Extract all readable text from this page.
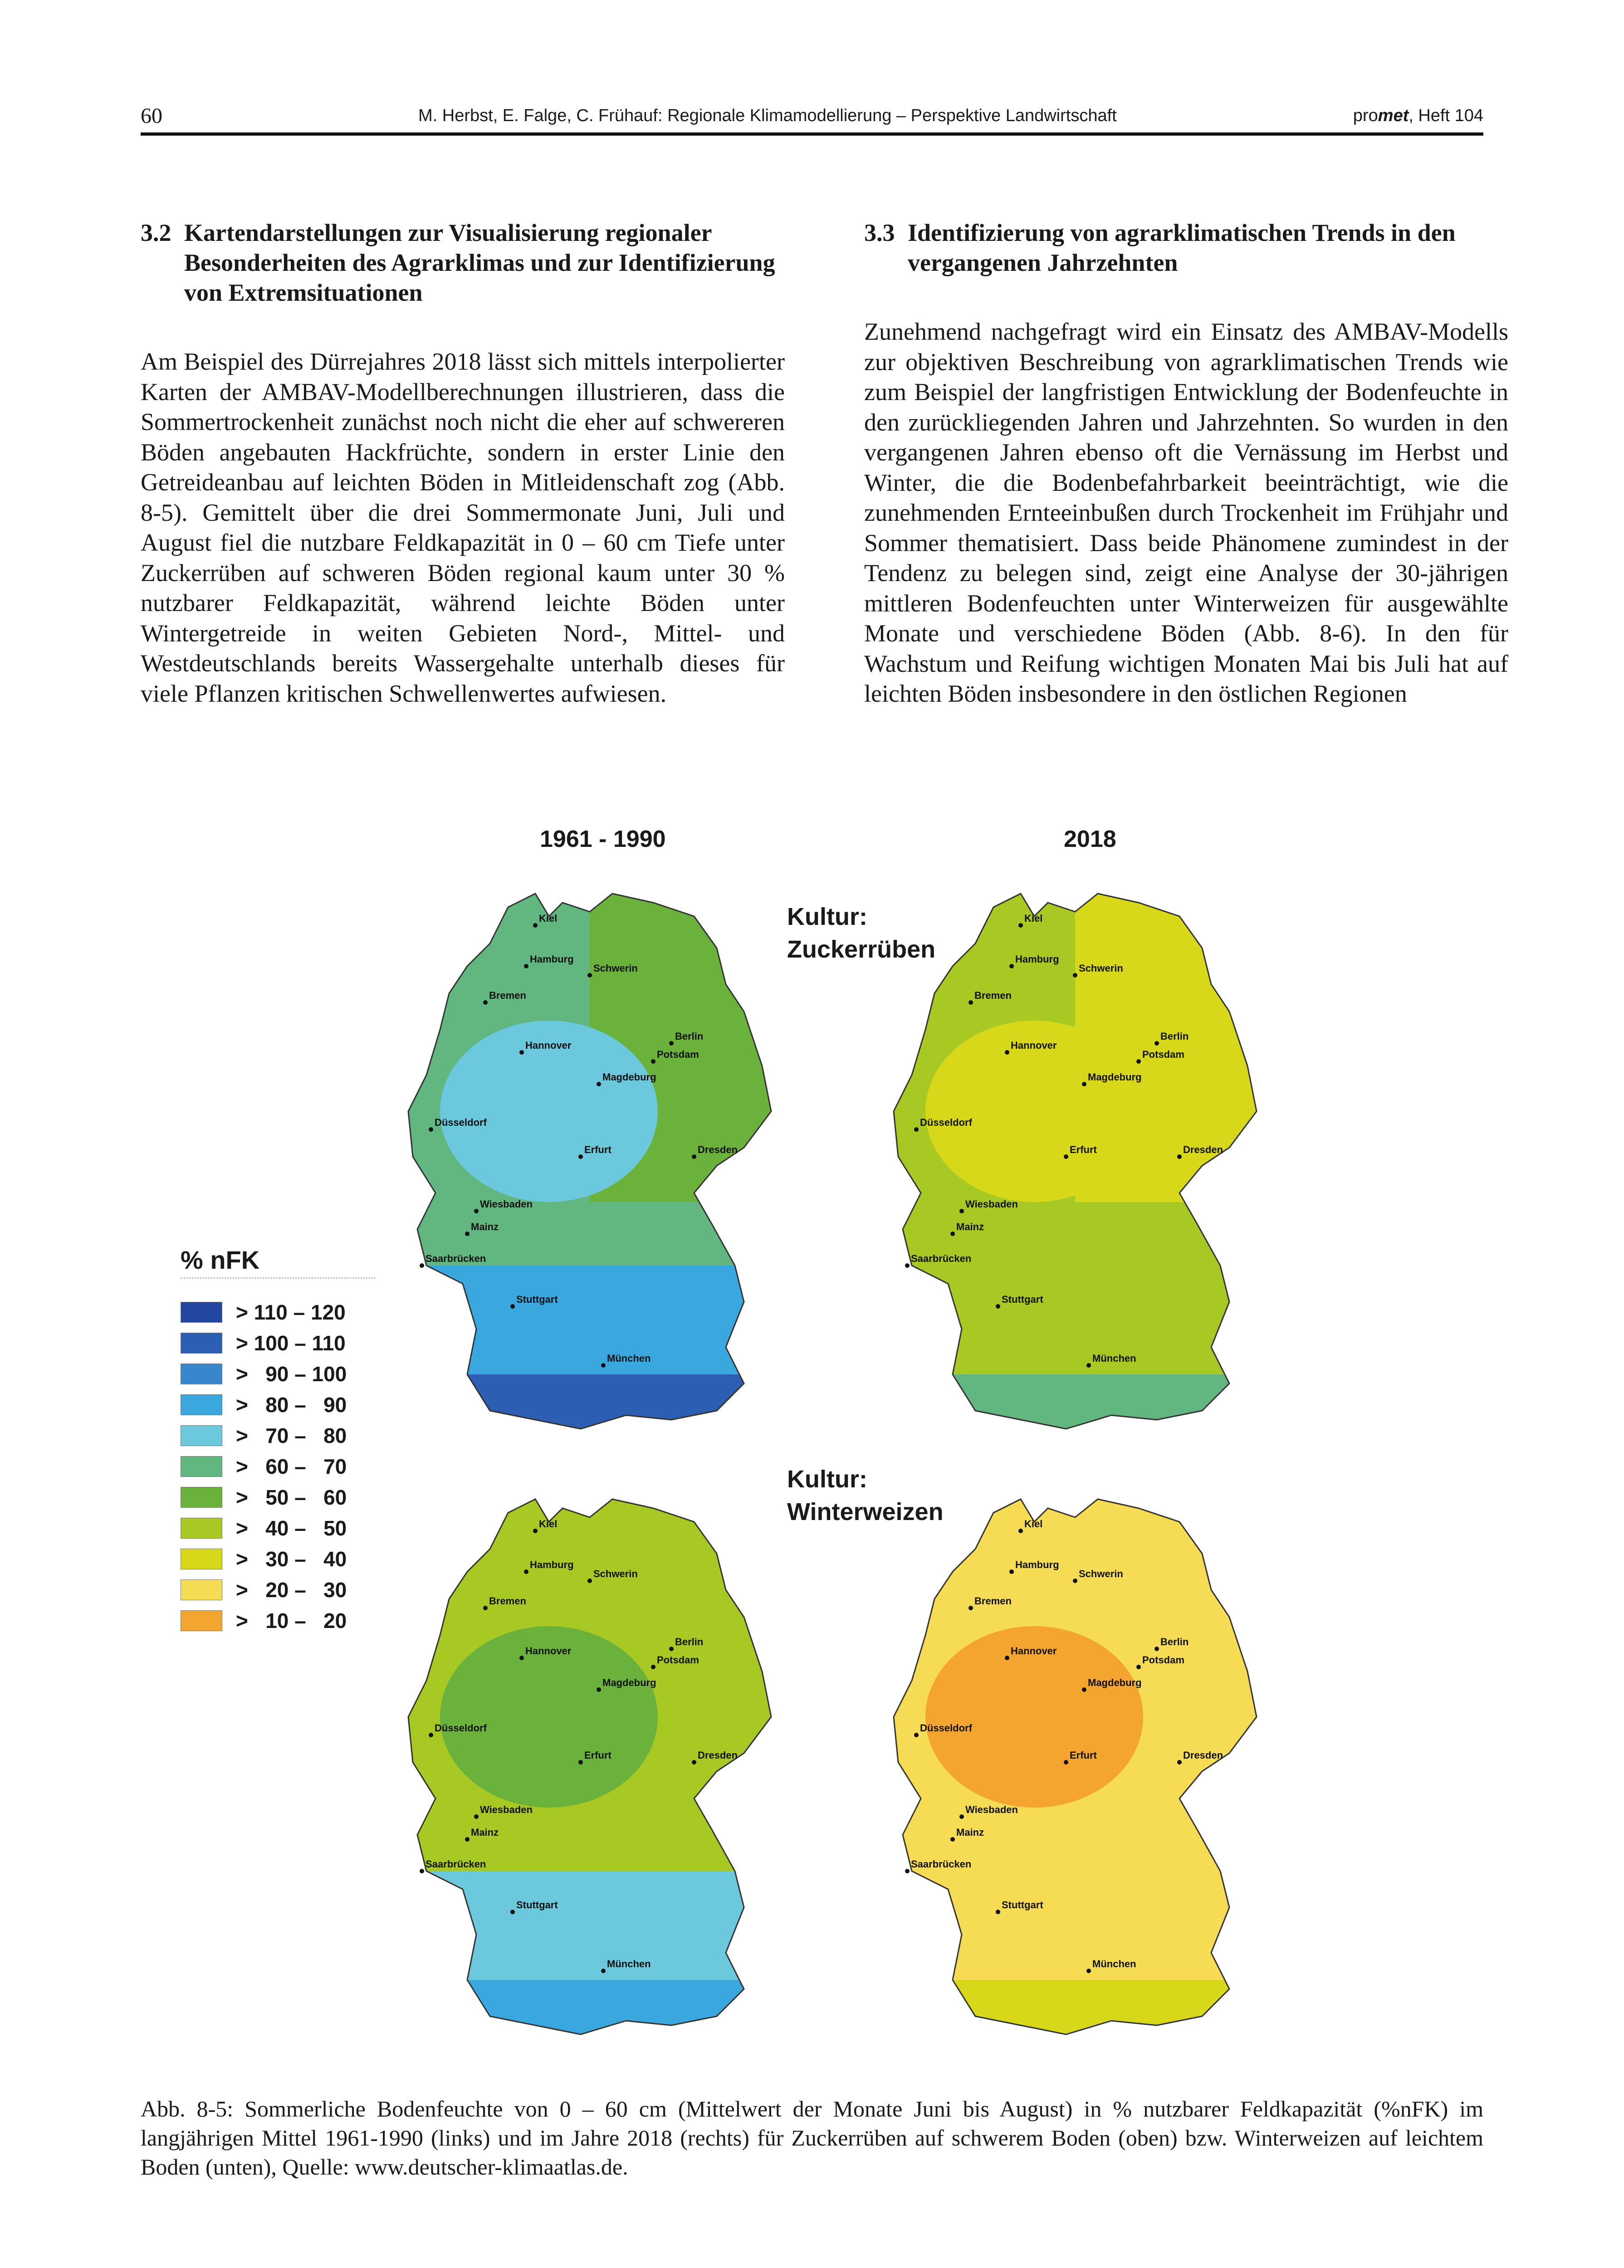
60	M. Herbst, E. Falge, C. Frühauf: Regionale Klimamodellierung – Perspektive Landwirtschaft	promet, Heft 104
3.2 Kartendarstellungen zur Visualisierung regionaler Besonderheiten des Agrarklimas und zur Identifizierung von Extremsituationen

Am Beispiel des Dürrejahres 2018 lässt sich mittels interpolierter Karten der AMBAV-Modellberechnungen illustrieren, dass die Sommertrockenheit zunächst noch nicht die eher auf schwereren Böden angebauten Hackfrüchte, sondern in erster Linie den Getreideanbau auf leichten Böden in Mitleidenschaft zog (Abb. 8-5). Gemittelt über die drei Sommermonate Juni, Juli und August fiel die nutzbare Feldkapazität in 0 – 60 cm Tiefe unter Zuckerrüben auf schweren Böden regional kaum unter 30 % nutzbarer Feldkapazität, während leichte Böden unter Wintergetreide in weiten Gebieten Nord-, Mittel- und Westdeutschlands bereits Wassergehalte unterhalb dieses für viele Pflanzen kritischen Schwellenwertes aufwiesen.

3.3 Identifizierung von agrarklimatischen Trends in den vergangenen Jahrzehnten

Zunehmend nachgefragt wird ein Einsatz des AMBAV-Modells zur objektiven Beschreibung von agrarklimatischen Trends wie zum Beispiel der langfristigen Entwicklung der Bodenfeuchte in den zurückliegenden Jahren und Jahrzehnten. So wurden in den vergangenen Jahren ebenso oft die Vernässung im Herbst und Winter, die die Bodenbefahrbarkeit beeinträchtigt, wie die zunehmenden Ernteeinbußen durch Trockenheit im Frühjahr und Sommer thematisiert. Dass beide Phänomene zumindest in der Tendenz zu belegen sind, zeigt eine Analyse der 30-jährigen mittleren Bodenfeuchten unter Winterweizen für ausgewählte Monate und verschiedene Böden (Abb. 8-6). In den für Wachstum und Reifung wichtigen Monaten Mai bis Juli hat auf leichten Böden insbesondere in den östlichen Regionen

1961 - 1990	2018
Kultur:
Zuckerrüben
Kultur:
Winterweizen
Kiel
Hamburg
Schwerin
Bremen
Hannover
Berlin
Potsdam
Magdeburg
Düsseldorf
Erfurt	Dresden
Wiesbaden
Mainz
Saarbrücken
Stuttgart
München
Kiel
Hamburg
Schwerin
Bremen
Hannover
Berlin
Potsdam
Magdeburg
Düsseldorf
Erfurt	Dresden
Wiesbaden
Mainz
Saarbrücken
Stuttgart
München
Kiel
Hamburg
Schwerin
Bremen
Hannover
Berlin
Potsdam
Magdeburg
Düsseldorf
Erfurt	Dresden
Wiesbaden
Mainz
Saarbrücken
Stuttgart
München
Kiel
Hamburg
Schwerin
Bremen
Hannover
Berlin
Potsdam
Magdeburg
Düsseldorf
Erfurt	Dresden
Wiesbaden
Mainz
Saarbrücken
Stuttgart
München
% nFK
> 110 – 120
> 100 – 110
>   90 – 100
>   80 –   90
>   70 –   80
>   60 –   70
>   50 –   60
>   40 –   50
>   30 –   40
>   20 –   30
>   10 –   20
Abb. 8-5: Sommerliche Bodenfeuchte von 0 – 60 cm (Mittelwert der Monate Juni bis August) in % nutzbarer Feldkapazität (%nFK) im langjährigen Mittel 1961-1990 (links) und im Jahre 2018 (rechts) für Zuckerrüben auf schwerem Boden (oben) bzw. Winterweizen auf leichtem Boden (unten), Quelle: www.deutscher-klimaatlas.de.
